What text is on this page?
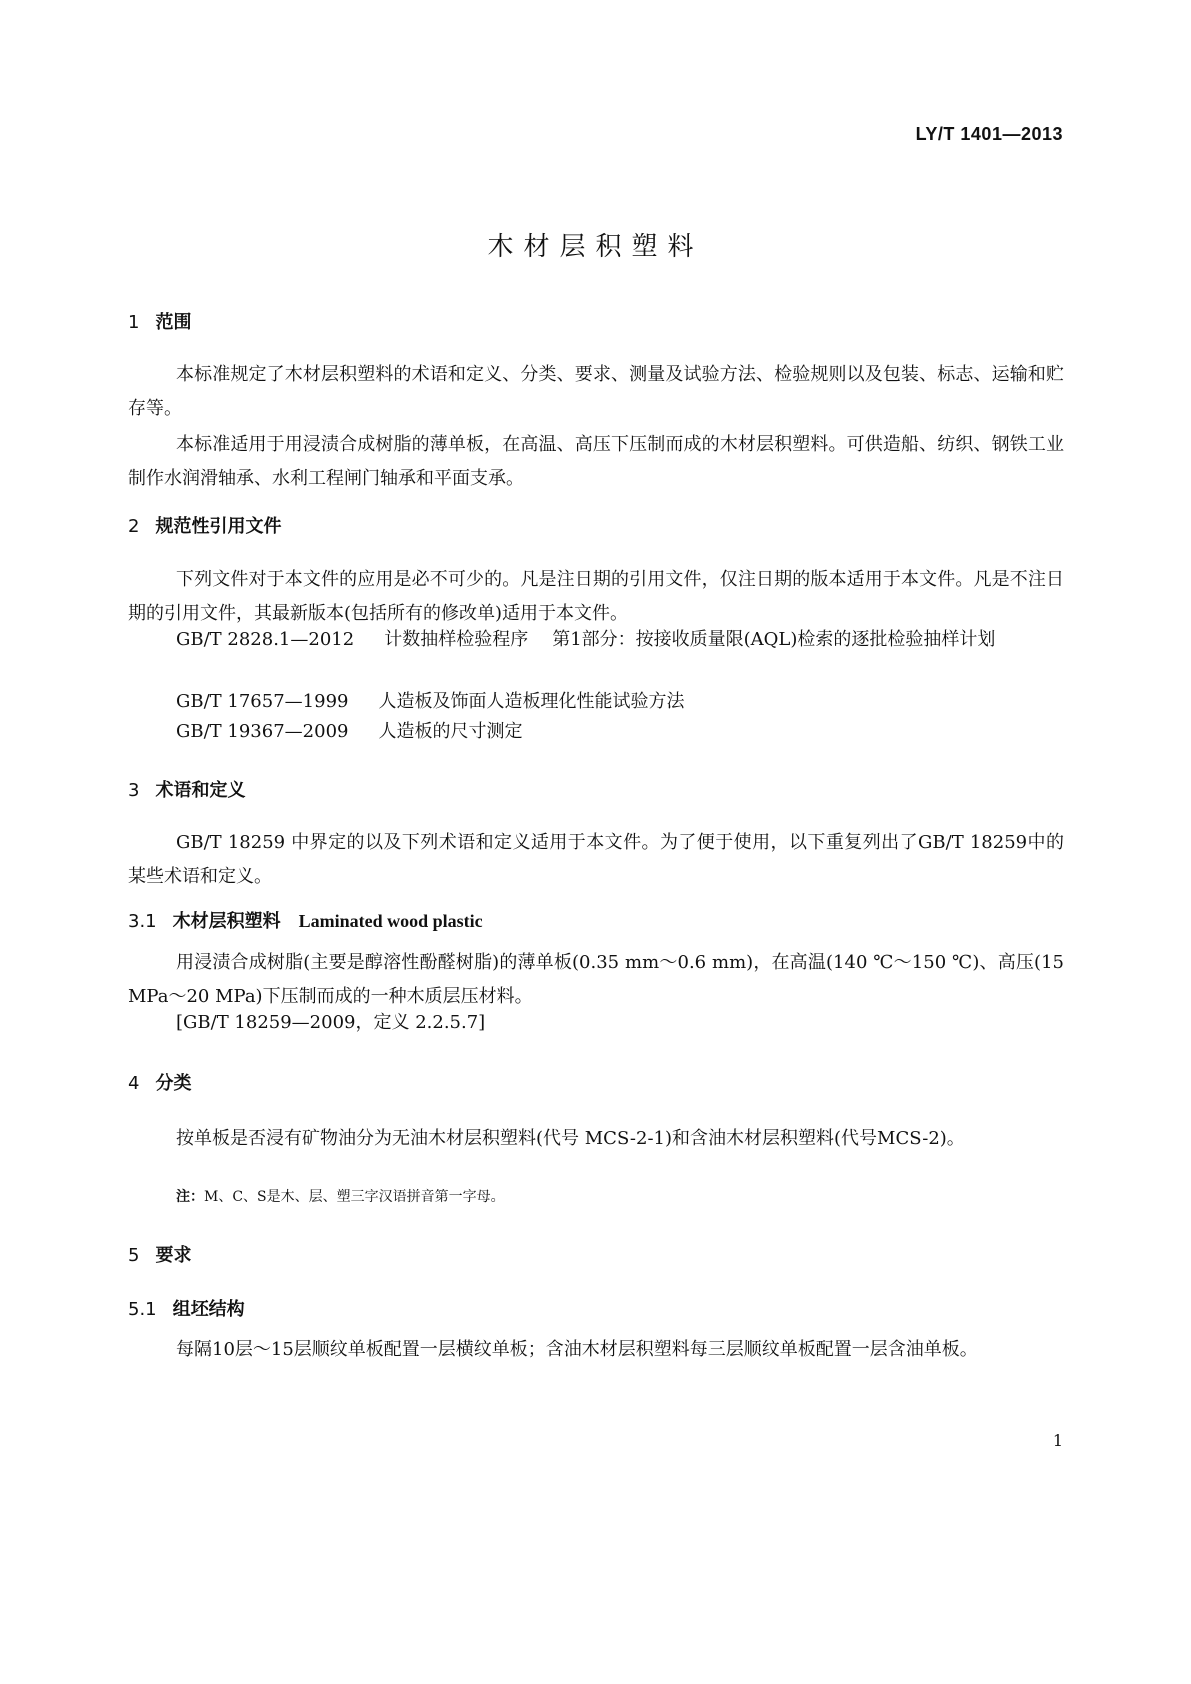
LY/T 1401—2013
木材层积塑料
1 范围

本标准规定了木材层积塑料的术语和定义、分类、要求、测量及试验方法、检验规则以及包装、标志、运输和贮存等。

本标准适用于用浸渍合成树脂的薄单板，在高温、高压下压制而成的木材层积塑料。可供造船、纺织、钢铁工业制作水润滑轴承、水利工程闸门轴承和平面支承。

2 规范性引用文件

下列文件对于本文件的应用是必不可少的。凡是注日期的引用文件，仅注日期的版本适用于本文件。凡是不注日期的引用文件，其最新版本(包括所有的修改单)适用于本文件。

GB/T 2828.1—2012 计数抽样检验程序 第1部分：按接收质量限(AQL)检索的逐批检验抽样计划

GB/T 17657—1999 人造板及饰面人造板理化性能试验方法

GB/T 19367—2009 人造板的尺寸测定

3 术语和定义

GB/T 18259 中界定的以及下列术语和定义适用于本文件。为了便于使用，以下重复列出了GB/T 18259中的某些术语和定义。

3.1 木材层积塑料 Laminated wood plastic

用浸渍合成树脂(主要是醇溶性酚醛树脂)的薄单板(0.35 mm～0.6 mm)，在高温(140 ℃～150 ℃)、高压(15 MPa～20 MPa)下压制而成的一种木质层压材料。

[GB/T 18259—2009，定义 2.2.5.7]

4 分类

按单板是否浸有矿物油分为无油木材层积塑料(代号 MCS-2-1)和含油木材层积塑料(代号MCS-2)。

注：M、C、S是木、层、塑三字汉语拼音第一字母。

5 要求
5.1 组坯结构

每隔10层～15层顺纹单板配置一层横纹单板；含油木材层积塑料每三层顺纹单板配置一层含油单板。

1
